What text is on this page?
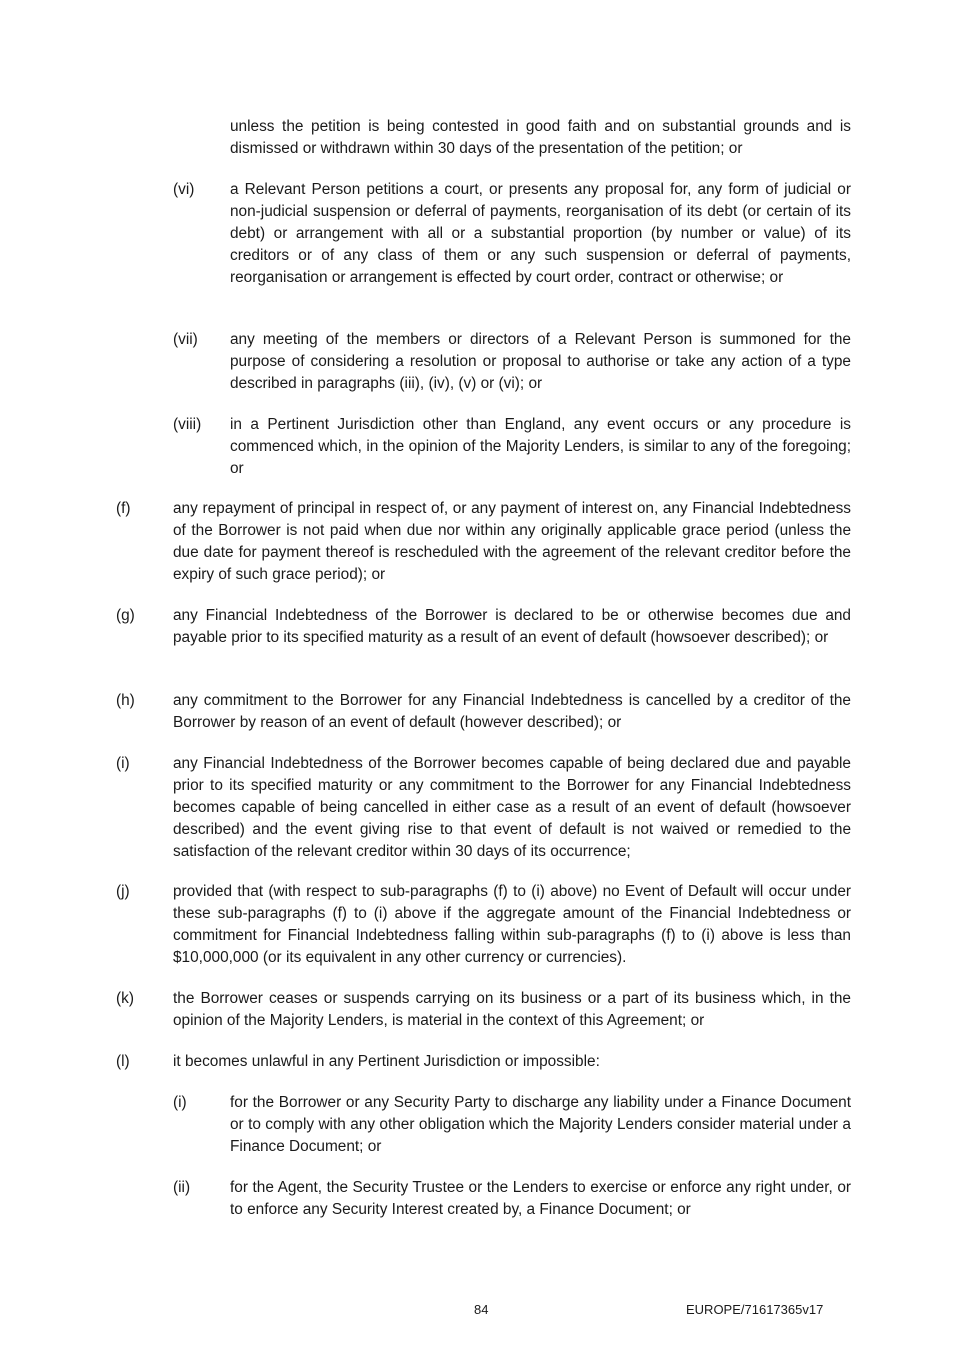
unless the petition is being contested in good faith and on substantial grounds and is dismissed or withdrawn within 30 days of the presentation of the petition; or
(vi) a Relevant Person petitions a court, or presents any proposal for, any form of judicial or non-judicial suspension or deferral of payments, reorganisation of its debt (or certain of its debt) or arrangement with all or a substantial proportion (by number or value) of its creditors or of any class of them or any such suspension or deferral of payments, reorganisation or arrangement is effected by court order, contract or otherwise; or
(vii) any meeting of the members or directors of a Relevant Person is summoned for the purpose of considering a resolution or proposal to authorise or take any action of a type described in paragraphs (iii), (iv), (v) or (vi); or
(viii) in a Pertinent Jurisdiction other than England, any event occurs or any procedure is commenced which, in the opinion of the Majority Lenders, is similar to any of the foregoing; or
(f)	any repayment of principal in respect of, or any payment of interest on, any Financial Indebtedness of the Borrower is not paid when due nor within any originally applicable grace period (unless the due date for payment thereof is rescheduled with the agreement of the relevant creditor before the expiry of such grace period); or
(g) any Financial Indebtedness of the Borrower is declared to be or otherwise becomes due and payable prior to its specified maturity as a result of an event of default (howsoever described); or
(h) any commitment to the Borrower for any Financial Indebtedness is cancelled by a creditor of the Borrower by reason of an event of default (however described); or
(i)	any Financial Indebtedness of the Borrower becomes capable of being declared due and payable prior to its specified maturity or any commitment to the Borrower for any Financial Indebtedness becomes capable of being cancelled in either case as a result of an event of default (howsoever described) and the event giving rise to that event of default is not waived or remedied to the satisfaction of the relevant creditor within 30 days of its occurrence;
(j)	provided that (with respect to sub-paragraphs (f) to (i) above) no Event of Default will occur under these sub-paragraphs (f) to (i) above if the aggregate amount of the Financial Indebtedness or commitment for Financial Indebtedness falling within sub-paragraphs (f) to (i) above is less than $10,000,000 (or its equivalent in any other currency or currencies).
(k)	the Borrower ceases or suspends carrying on its business or a part of its business which, in the opinion of the Majority Lenders, is material in the context of this Agreement; or
(l)	it becomes unlawful in any Pertinent Jurisdiction or impossible:
(i)	for the Borrower or any Security Party to discharge any liability under a Finance Document or to comply with any other obligation which the Majority Lenders consider material under a Finance Document; or
(ii)	for the Agent, the Security Trustee or the Lenders to exercise or enforce any right under, or to enforce any Security Interest created by, a Finance Document; or
84	EUROPE/71617365v17
